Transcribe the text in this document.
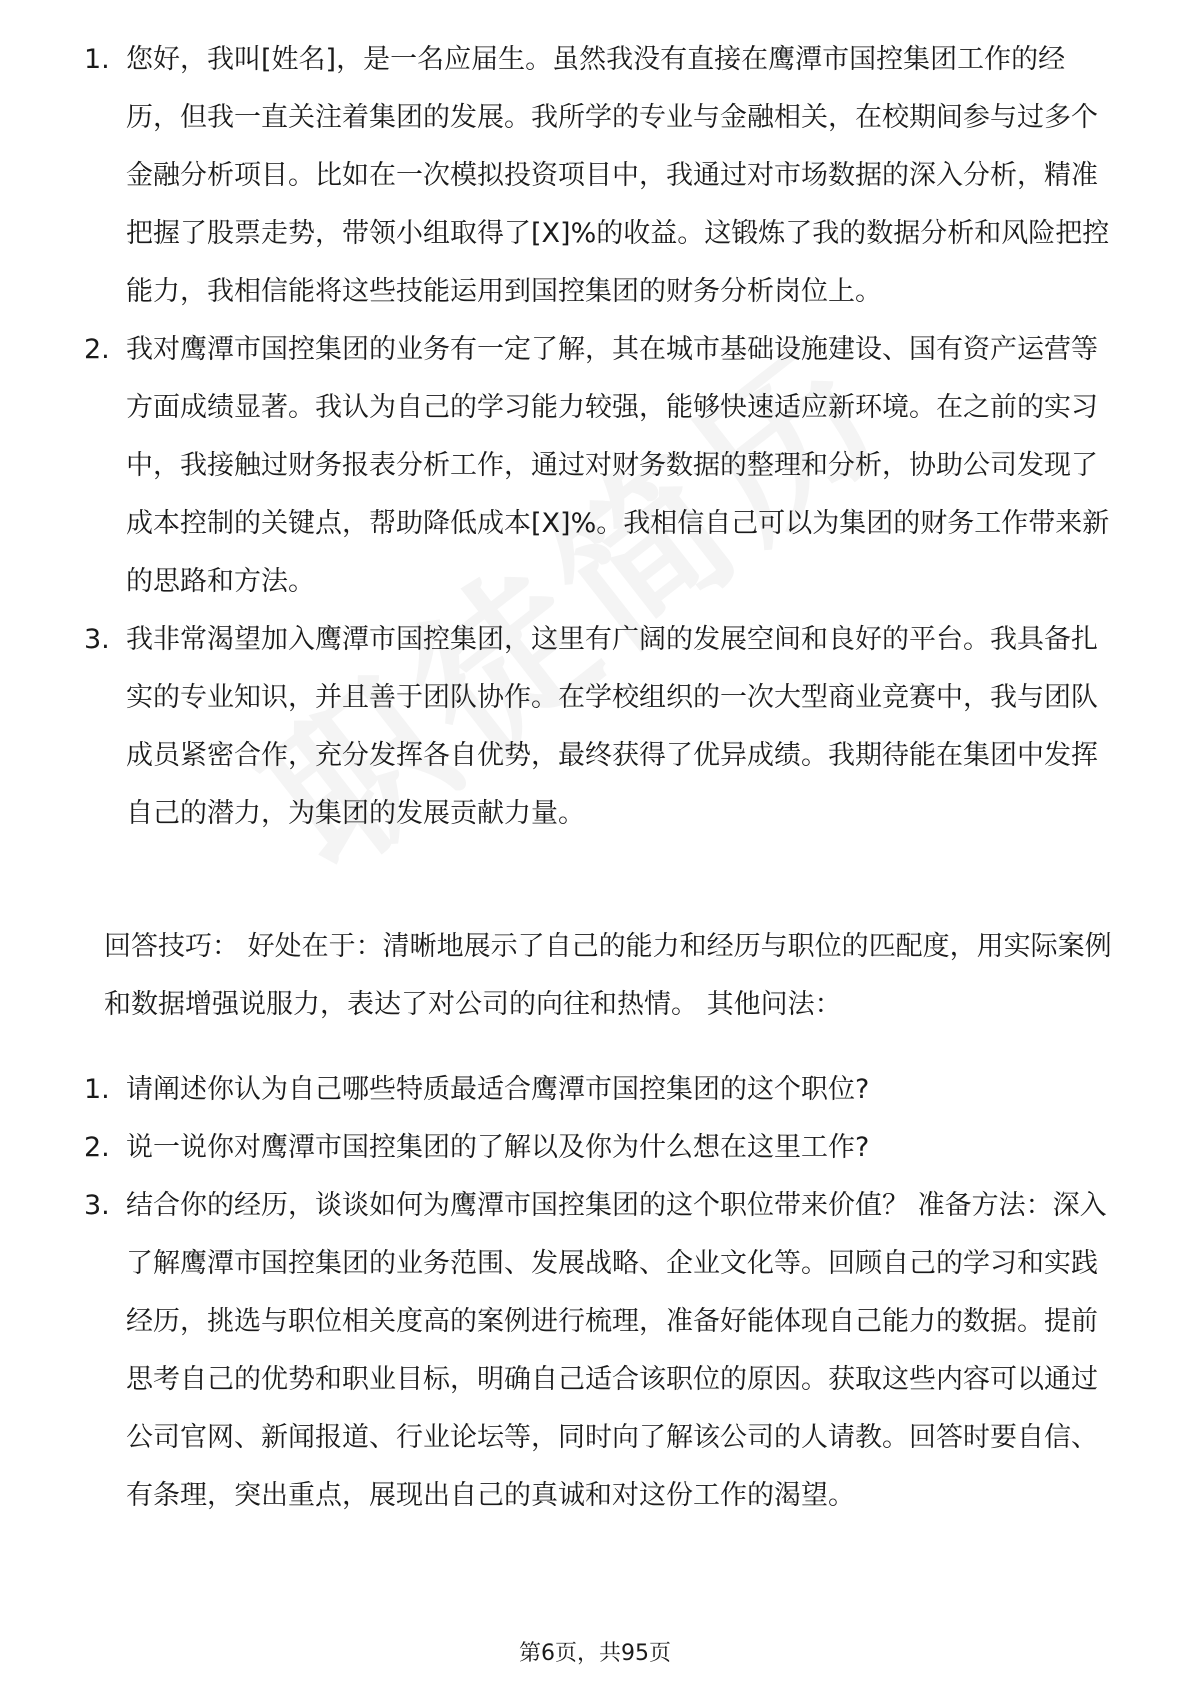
1. 您好，我叫[姓名]，是一名应届生。虽然我没有直接在鹰潭市国控集团工作的经历，但我一直关注着集团的发展。我所学的专业与金融相关，在校期间参与过多个金融分析项目。比如在一次模拟投资项目中，我通过对市场数据的深入分析，精准把握了股票走势，带领小组取得了[X]%的收益。这锻炼了我的数据分析和风险把控能力，我相信能将这些技能运用到国控集团的财务分析岗位上。
2. 我对鹰潭市国控集团的业务有一定了解，其在城市基础设施建设、国有资产运营等方面成绩显著。我认为自己的学习能力较强，能够快速适应新环境。在之前的实习中，我接触过财务报表分析工作，通过对财务数据的整理和分析，协助公司发现了成本控制的关键点，帮助降低成本[X]%。我相信自己可以为集团的财务工作带来新的思路和方法。
3. 我非常渴望加入鹰潭市国控集团，这里有广阔的发展空间和良好的平台。我具备扎实的专业知识，并且善于团队协作。在学校组织的一次大型商业竞赛中，我与团队成员紧密合作，充分发挥各自优势，最终获得了优异成绩。我期待能在集团中发挥自己的潜力，为集团的发展贡献力量。

回答技巧： 好处在于：清晰地展示了自己的能力和经历与职位的匹配度，用实际案例和数据增强说服力，表达了对公司的向往和热情。 其他问法：

1. 请阐述你认为自己哪些特质最适合鹰潭市国控集团的这个职位?
2. 说一说你对鹰潭市国控集团的了解以及你为什么想在这里工作?
3. 结合你的经历，谈谈如何为鹰潭市国控集团的这个职位带来价值？ 准备方法：深入了解鹰潭市国控集团的业务范围、发展战略、企业文化等。回顾自己的学习和实践经历，挑选与职位相关度高的案例进行梳理，准备好能体现自己能力的数据。提前思考自己的优势和职业目标，明确自己适合该职位的原因。获取这些内容可以通过公司官网、新闻报道、行业论坛等，同时向了解该公司的人请教。回答时要自信、有条理，突出重点，展现出自己的真诚和对这份工作的渴望。
第6页，共95页
